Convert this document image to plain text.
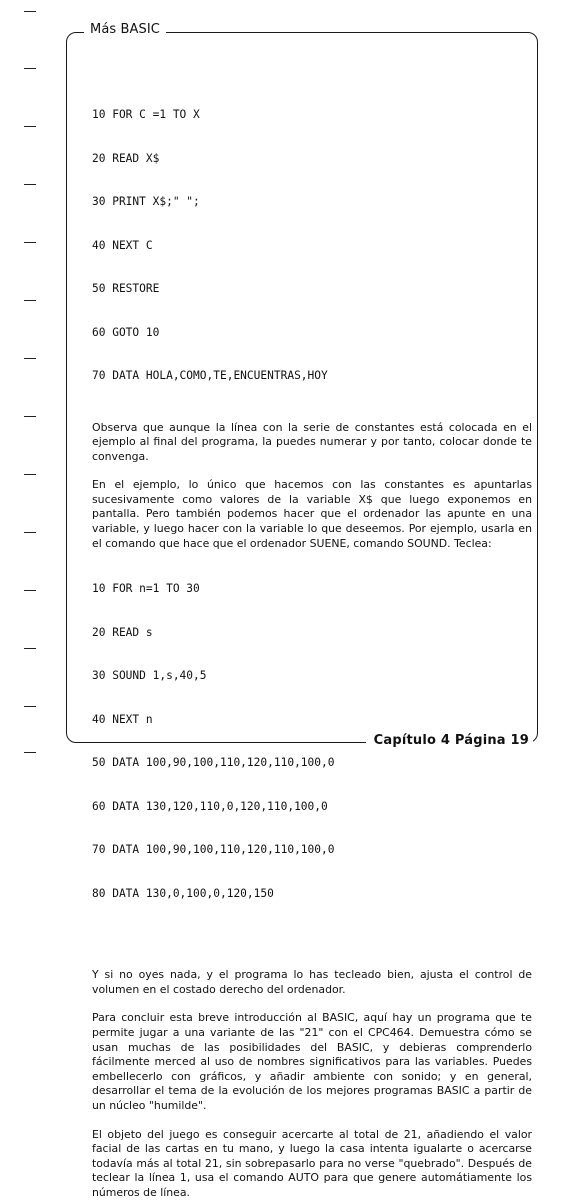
Más BASIC

10 FOR C =1 TO X

20 READ X$

30 PRINT X$;" ";

40 NEXT C

50 RESTORE

60 GOTO 10

70 DATA HOLA,COMO,TE,ENCUENTRAS,HOY

Observa que aunque la línea con la serie de constantes está colocada en el ejemplo al final del programa, la puedes numerar y por tanto, colocar donde te convenga.

En el ejemplo, lo único que hacemos con las constantes es apuntarlas sucesivamente como valores de la variable X$ que luego exponemos en pantalla. Pero también podemos hacer que el ordenador las apunte en una variable, y luego hacer con la variable lo que deseemos. Por ejemplo, usarla en el comando que hace que el ordenador SUENE, comando SOUND. Teclea:

10 FOR n=1 TO 30

20 READ s

30 SOUND 1,s,40,5

40 NEXT n

50 DATA 100,90,100,110,120,110,100,0

60 DATA 130,120,110,0,120,110,100,0

70 DATA 100,90,100,110,120,110,100,0

80 DATA 130,0,100,0,120,150

Y si no oyes nada, y el programa lo has tecleado bien, ajusta el control de volumen en el costado derecho del ordenador.

Para concluir esta breve introducción al BASIC, aquí hay un programa que te permite jugar a una variante de las "21" con el CPC464. Demuestra cómo se usan muchas de las posibilidades del BASIC, y debieras comprenderlo fácilmente merced al uso de nombres significativos para las variables. Puedes embellecerlo con gráficos, y añadir ambiente con sonido; y en general, desarrollar el tema de la evolución de los mejores programas BASIC a partir de un núcleo "humilde".

El objeto del juego es conseguir acercarte al total de 21, añadiendo el valor facial de las cartas en tu mano, y luego la casa intenta igualarte o acercarse todavía más al total 21, sin sobrepasarlo para no verse "quebrado". Después de teclear la línea 1, usa el comando AUTO para que genere automátiamente los números de línea.

Capítulo 4 Página 19
